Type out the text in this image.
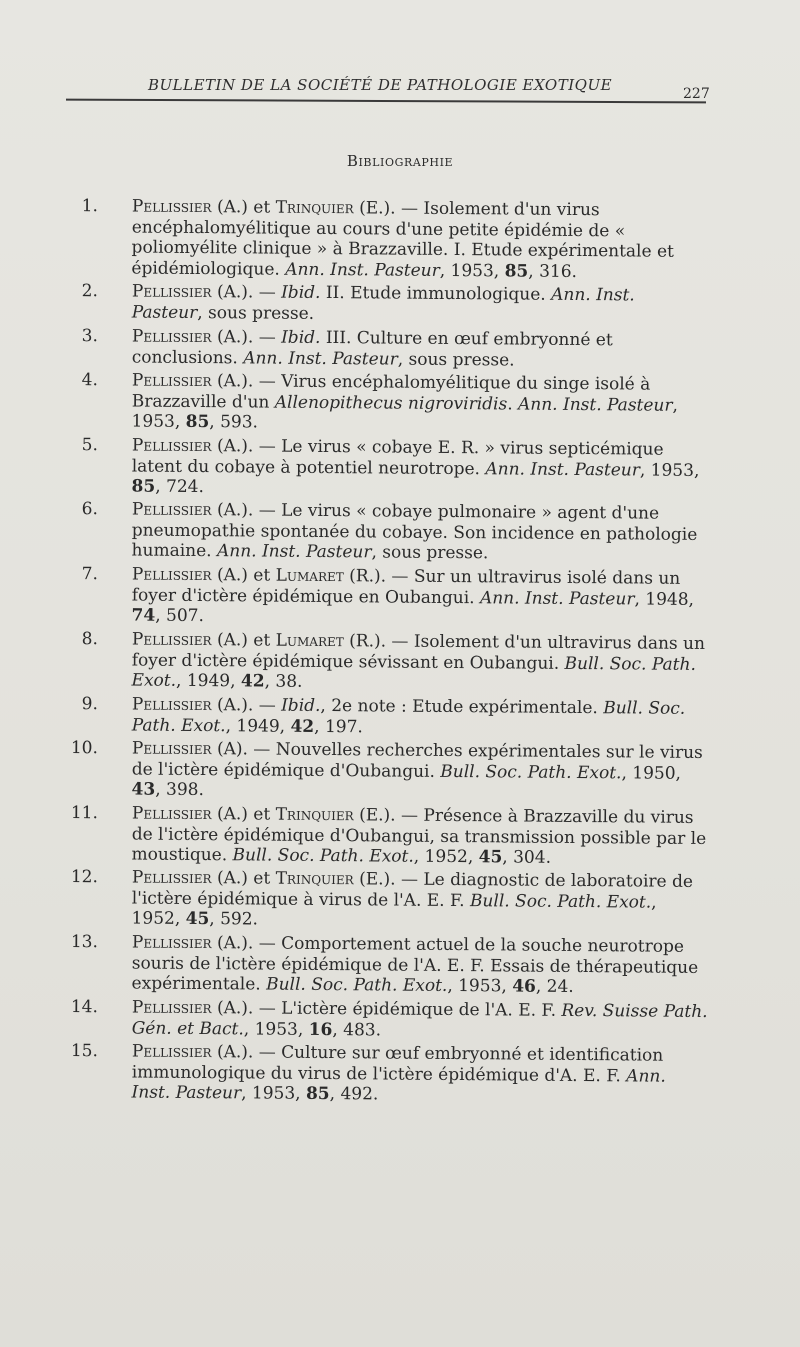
BULLETIN DE LA SOCIÉTÉ DE PATHOLOGIE EXOTIQUE	227
Bibliographie
1. Pellissier (A.) et Trinquier (E.). — Isolement d'un virus encéphalomyélitique au cours d'une petite épidémie de « poliomyélite clinique » à Brazzaville. I. Etude expérimentale et épidémiologique. Ann. Inst. Pasteur, 1953, 85, 316.
2. Pellissier (A.). — Ibid. II. Etude immunologique. Ann. Inst. Pasteur, sous presse.
3. Pellissier (A.). — Ibid. III. Culture en œuf embryonné et conclusions. Ann. Inst. Pasteur, sous presse.
4. Pellissier (A.). — Virus encéphalomyélitique du singe isolé à Brazzaville d'un Allenopithecus nigroviridis. Ann. Inst. Pasteur, 1953, 85, 593.
5. Pellissier (A.). — Le virus « cobaye E. R. » virus septicémique latent du cobaye à potentiel neurotrope. Ann. Inst. Pasteur, 1953, 85, 724.
6. Pellissier (A.). — Le virus « cobaye pulmonaire » agent d'une pneumopathie spontanée du cobaye. Son incidence en pathologie humaine. Ann. Inst. Pasteur, sous presse.
7. Pellissier (A.) et Lumaret (R.). — Sur un ultravirus isolé dans un foyer d'ictère épidémique en Oubangui. Ann. Inst. Pasteur, 1948, 74, 507.
8. Pellissier (A.) et Lumaret (R.). — Isolement d'un ultravirus dans un foyer d'ictère épidémique sévissant en Oubangui. Bull. Soc. Path. Exot., 1949, 42, 38.
9. Pellissier (A.). — Ibid., 2e note : Etude expérimentale. Bull. Soc. Path. Exot., 1949, 42, 197.
10. Pellissier (A). — Nouvelles recherches expérimentales sur le virus de l'ictère épidémique d'Oubangui. Bull. Soc. Path. Exot., 1950, 43, 398.
11. Pellissier (A.) et Trinquier (E.). — Présence à Brazzaville du virus de l'ictère épidémique d'Oubangui, sa transmission possible par le moustique. Bull. Soc. Path. Exot., 1952, 45, 304.
12. Pellissier (A.) et Trinquier (E.). — Le diagnostic de laboratoire de l'ictère épidémique à virus de l'A. E. F. Bull. Soc. Path. Exot., 1952, 45, 592.
13. Pellissier (A.). — Comportement actuel de la souche neurotrope souris de l'ictère épidémique de l'A. E. F. Essais de thérapeutique expérimentale. Bull. Soc. Path. Exot., 1953, 46, 24.
14. Pellissier (A.). — L'ictère épidémique de l'A. E. F. Rev. Suisse Path. Gén. et Bact., 1953, 16, 483.
15. Pellissier (A.). — Culture sur œuf embryonné et identification immunologique du virus de l'ictère épidémique d'A. E. F. Ann. Inst. Pasteur, 1953, 85, 492.
